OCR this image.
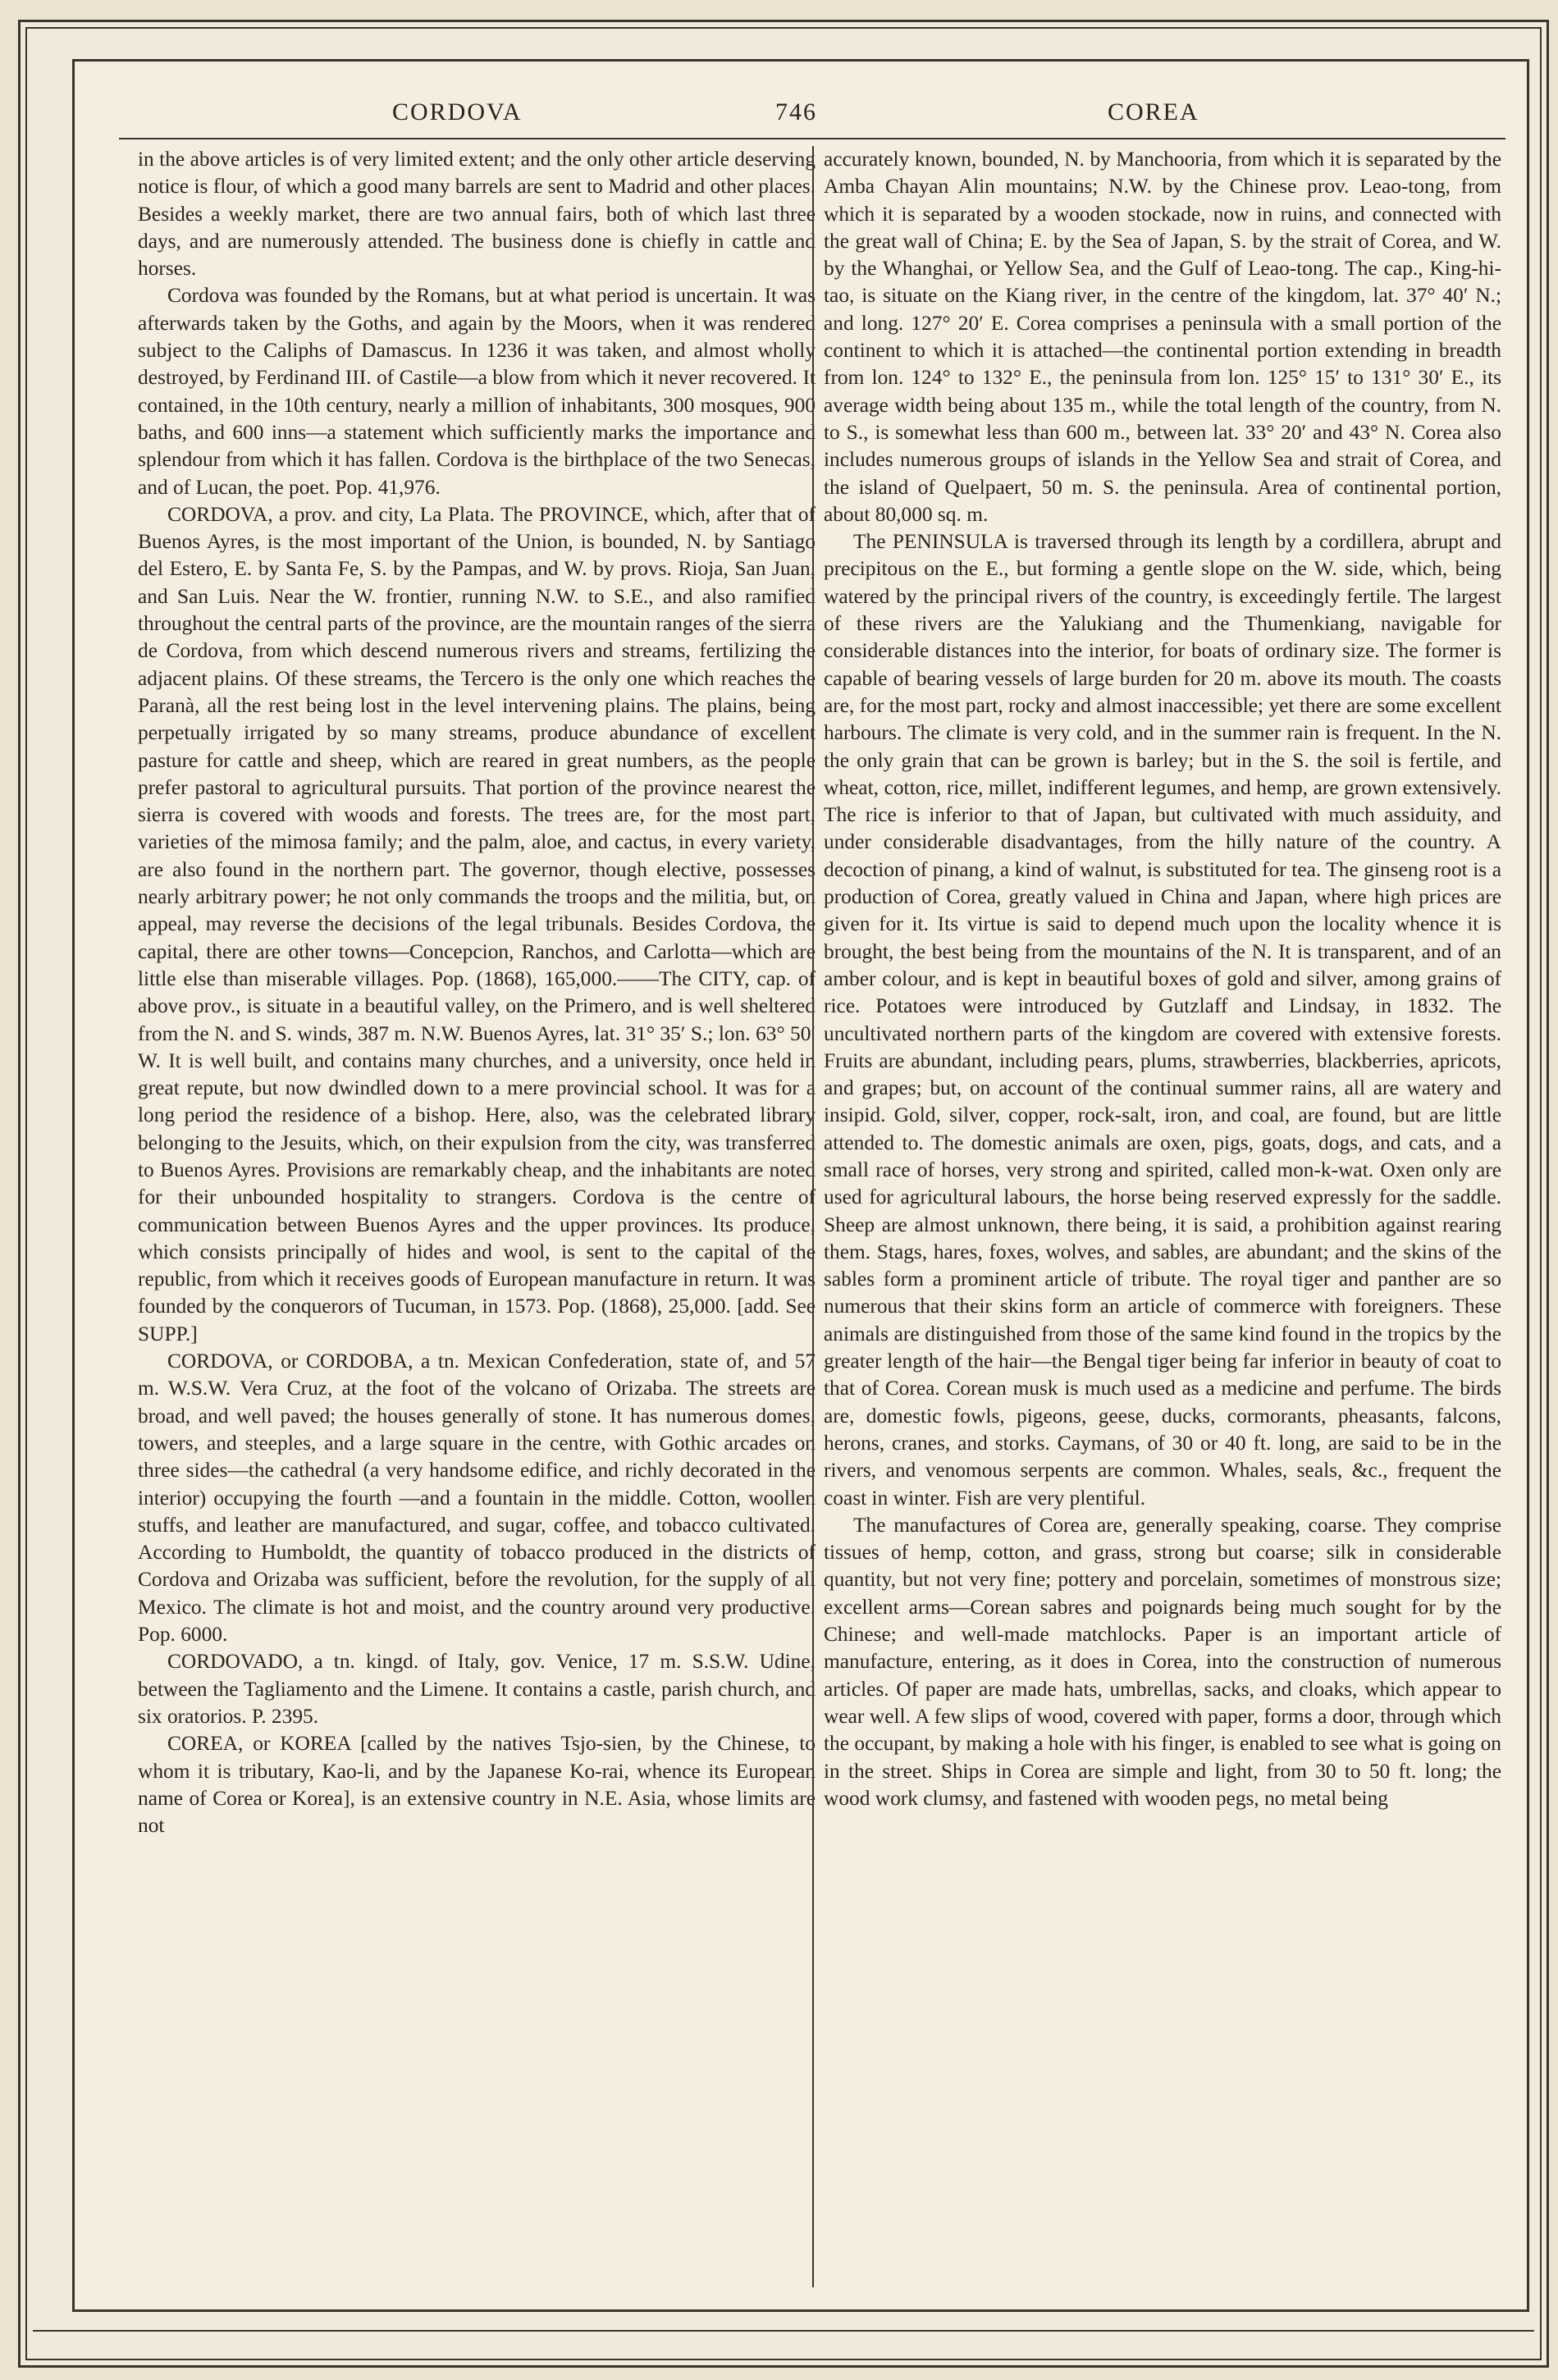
CORDOVA	746	COREA

in the above articles is of very limited extent; and the only other article deserving notice is flour, of which a good many barrels are sent to Madrid and other places. Besides a weekly market, there are two annual fairs, both of which last three days, and are numerously attended. The business done is chiefly in cattle and horses.

Cordova was founded by the Romans, but at what period is uncertain. It was afterwards taken by the Goths, and again by the Moors, when it was rendered subject to the Caliphs of Damascus. In 1236 it was taken, and almost wholly destroyed, by Ferdinand III. of Castile—a blow from which it never recovered. It contained, in the 10th century, nearly a million of inhabitants, 300 mosques, 900 baths, and 600 inns—a statement which sufficiently marks the importance and splendour from which it has fallen. Cordova is the birthplace of the two Senecas, and of Lucan, the poet. Pop. 41,976.

CORDOVA, a prov. and city, La Plata. The PROVINCE, which, after that of Buenos Ayres, is the most important of the Union, is bounded, N. by Santiago del Estero, E. by Santa Fe, S. by the Pampas, and W. by provs. Rioja, San Juan, and San Luis. Near the W. frontier, running N.W. to S.E., and also ramified throughout the central parts of the province, are the mountain ranges of the sierra de Cordova, from which descend numerous rivers and streams, fertilizing the adjacent plains. Of these streams, the Tercero is the only one which reaches the Paranà, all the rest being lost in the level intervening plains. The plains, being perpetually irrigated by so many streams, produce abundance of excellent pasture for cattle and sheep, which are reared in great numbers, as the people prefer pastoral to agricultural pursuits. That portion of the province nearest the sierra is covered with woods and forests. The trees are, for the most part, varieties of the mimosa family; and the palm, aloe, and cactus, in every variety, are also found in the northern part. The governor, though elective, possesses nearly arbitrary power; he not only commands the troops and the militia, but, on appeal, may reverse the decisions of the legal tribunals. Besides Cordova, the capital, there are other towns—Concepcion, Ranchos, and Carlotta—which are little else than miserable villages. Pop. (1868), 165,000.——The CITY, cap. of above prov., is situate in a beautiful valley, on the Primero, and is well sheltered from the N. and S. winds, 387 m. N.W. Buenos Ayres, lat. 31° 35′ S.; lon. 63° 50′ W. It is well built, and contains many churches, and a university, once held in great repute, but now dwindled down to a mere provincial school. It was for a long period the residence of a bishop. Here, also, was the celebrated library belonging to the Jesuits, which, on their expulsion from the city, was transferred to Buenos Ayres. Provisions are remarkably cheap, and the inhabitants are noted for their unbounded hospitality to strangers. Cordova is the centre of communication between Buenos Ayres and the upper provinces. Its produce, which consists principally of hides and wool, is sent to the capital of the republic, from which it receives goods of European manufacture in return. It was founded by the conquerors of Tucuman, in 1573. Pop. (1868), 25,000. [add. See SUPP.]

CORDOVA, or CORDOBA, a tn. Mexican Confederation, state of, and 57 m. W.S.W. Vera Cruz, at the foot of the volcano of Orizaba. The streets are broad, and well paved; the houses generally of stone. It has numerous domes, towers, and steeples, and a large square in the centre, with Gothic arcades on three sides—the cathedral (a very handsome edifice, and richly decorated in the interior) occupying the fourth —and a fountain in the middle. Cotton, woollen stuffs, and leather are manufactured, and sugar, coffee, and tobacco cultivated. According to Humboldt, the quantity of tobacco produced in the districts of Cordova and Orizaba was sufficient, before the revolution, for the supply of all Mexico. The climate is hot and moist, and the country around very productive. Pop. 6000.

CORDOVADO, a tn. kingd. of Italy, gov. Venice, 17 m. S.S.W. Udine, between the Tagliamento and the Limene. It contains a castle, parish church, and six oratorios. P. 2395.

COREA, or KOREA [called by the natives Tsjo-sien, by the Chinese, to whom it is tributary, Kao-li, and by the Japanese Ko-rai, whence its European name of Corea or Korea], is an extensive country in N.E. Asia, whose limits are not

accurately known, bounded, N. by Manchooria, from which it is separated by the Amba Chayan Alin mountains; N.W. by the Chinese prov. Leao-tong, from which it is separated by a wooden stockade, now in ruins, and connected with the great wall of China; E. by the Sea of Japan, S. by the strait of Corea, and W. by the Whanghai, or Yellow Sea, and the Gulf of Leao-tong. The cap., King-hi-tao, is situate on the Kiang river, in the centre of the kingdom, lat. 37° 40′ N.; and long. 127° 20′ E. Corea comprises a peninsula with a small portion of the continent to which it is attached—the continental portion extending in breadth from lon. 124° to 132° E., the peninsula from lon. 125° 15′ to 131° 30′ E., its average width being about 135 m., while the total length of the country, from N. to S., is somewhat less than 600 m., between lat. 33° 20′ and 43° N. Corea also includes numerous groups of islands in the Yellow Sea and strait of Corea, and the island of Quelpaert, 50 m. S. the peninsula. Area of continental portion, about 80,000 sq. m.

The PENINSULA is traversed through its length by a cordillera, abrupt and precipitous on the E., but forming a gentle slope on the W. side, which, being watered by the principal rivers of the country, is exceedingly fertile. The largest of these rivers are the Yalukiang and the Thumenkiang, navigable for considerable distances into the interior, for boats of ordinary size. The former is capable of bearing vessels of large burden for 20 m. above its mouth. The coasts are, for the most part, rocky and almost inaccessible; yet there are some excellent harbours. The climate is very cold, and in the summer rain is frequent. In the N. the only grain that can be grown is barley; but in the S. the soil is fertile, and wheat, cotton, rice, millet, indifferent legumes, and hemp, are grown extensively. The rice is inferior to that of Japan, but cultivated with much assiduity, and under considerable disadvantages, from the hilly nature of the country. A decoction of pinang, a kind of walnut, is substituted for tea. The ginseng root is a production of Corea, greatly valued in China and Japan, where high prices are given for it. Its virtue is said to depend much upon the locality whence it is brought, the best being from the mountains of the N. It is transparent, and of an amber colour, and is kept in beautiful boxes of gold and silver, among grains of rice. Potatoes were introduced by Gutzlaff and Lindsay, in 1832. The uncultivated northern parts of the kingdom are covered with extensive forests. Fruits are abundant, including pears, plums, strawberries, blackberries, apricots, and grapes; but, on account of the continual summer rains, all are watery and insipid. Gold, silver, copper, rock-salt, iron, and coal, are found, but are little attended to. The domestic animals are oxen, pigs, goats, dogs, and cats, and a small race of horses, very strong and spirited, called mon-k-wat. Oxen only are used for agricultural labours, the horse being reserved expressly for the saddle. Sheep are almost unknown, there being, it is said, a prohibition against rearing them. Stags, hares, foxes, wolves, and sables, are abundant; and the skins of the sables form a prominent article of tribute. The royal tiger and panther are so numerous that their skins form an article of commerce with foreigners. These animals are distinguished from those of the same kind found in the tropics by the greater length of the hair—the Bengal tiger being far inferior in beauty of coat to that of Corea. Corean musk is much used as a medicine and perfume. The birds are, domestic fowls, pigeons, geese, ducks, cormorants, pheasants, falcons, herons, cranes, and storks. Caymans, of 30 or 40 ft. long, are said to be in the rivers, and venomous serpents are common. Whales, seals, &c., frequent the coast in winter. Fish are very plentiful.

The manufactures of Corea are, generally speaking, coarse. They comprise tissues of hemp, cotton, and grass, strong but coarse; silk in considerable quantity, but not very fine; pottery and porcelain, sometimes of monstrous size; excellent arms—Corean sabres and poignards being much sought for by the Chinese; and well-made matchlocks. Paper is an important article of manufacture, entering, as it does in Corea, into the construction of numerous articles. Of paper are made hats, umbrellas, sacks, and cloaks, which appear to wear well. A few slips of wood, covered with paper, forms a door, through which the occupant, by making a hole with his finger, is enabled to see what is going on in the street. Ships in Corea are simple and light, from 30 to 50 ft. long; the wood work clumsy, and fastened with wooden pegs, no metal being
